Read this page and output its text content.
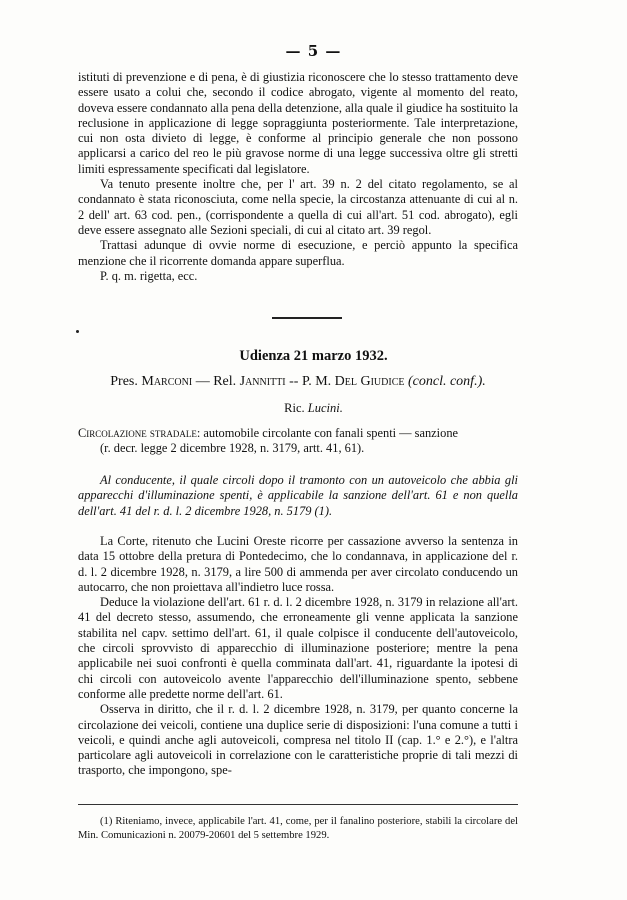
— 5 —

istituti di prevenzione e di pena, è di giustizia riconoscere che lo stesso trattamento deve essere usato a colui che, secondo il codice abrogato, vigente al momento del reato, doveva essere condannato alla pena della detenzione, alla quale il giudice ha sostituito la reclusione in applicazione di legge sopraggiunta posteriormente. Tale interpretazione, cui non osta divieto di legge, è conforme al principio generale che non possono applicarsi a carico del reo le più gravose norme di una legge successiva oltre gli stretti limiti espressamente specificati dal legislatore.

Va tenuto presente inoltre che, per l' art. 39 n. 2 del citato regolamento, se al condannato è stata riconosciuta, come nella specie, la circostanza attenuante di cui al n. 2 dell' art. 63 cod. pen., (corrispondente a quella di cui all'art. 51 cod. abrogato), egli deve essere assegnato alle Sezioni speciali, di cui al citato art. 39 regol.

Trattasi adunque di ovvie norme di esecuzione, e perciò appunto la specifica menzione che il ricorrente domanda appare superflua.

P. q. m. rigetta, ecc.

Udienza 21 marzo 1932.
Pres. Marconi — Rel. Jannitti -- P. M. Del Giudice (concl. conf.).
Ric. Lucini.
Circolazione stradale: automobile circolante con fanali spenti — sanzione
(r. decr. legge 2 dicembre 1928, n. 3179, artt. 41, 61).
Al conducente, il quale circoli dopo il tramonto con un autoveicolo che abbia gli apparecchi d'illuminazione spenti, è applicabile la sanzione dell'art. 61 e non quella dell'art. 41 del r. d. l. 2 dicembre 1928, n. 5179 (1).

La Corte, ritenuto che Lucini Oreste ricorre per cassazione avverso la sentenza in data 15 ottobre della pretura di Pontedecimo, che lo condannava, in applicazione del r. d. l. 2 dicembre 1928, n. 3179, a lire 500 di ammenda per aver circolato conducendo un autocarro, che non proiettava all'indietro luce rossa.

Deduce la violazione dell'art. 61 r. d. l. 2 dicembre 1928, n. 3179 in relazione all'art. 41 del decreto stesso, assumendo, che erroneamente gli venne applicata la sanzione stabilita nel capv. settimo dell'art. 61, il quale colpisce il conducente dell'autoveicolo, che circoli sprovvisto di apparecchio di illuminazione posteriore; mentre la pena applicabile nei suoi confronti è quella comminata dall'art. 41, riguardante la ipotesi di chi circoli con autoveicolo avente l'apparecchio dell'illuminazione spento, sebbene conforme alle predette norme dell'art. 61.

Osserva in diritto, che il r. d. l. 2 dicembre 1928, n. 3179, per quanto concerne la circolazione dei veicoli, contiene una duplice serie di disposizioni: l'una comune a tutti i veicoli, e quindi anche agli autoveicoli, compresa nel titolo II (cap. 1.° e 2.°), e l'altra particolare agli autoveicoli in correlazione con le caratteristiche proprie di tali mezzi di trasporto, che impongono, spe-

(1) Riteniamo, invece, applicabile l'art. 41, come, per il fanalino posteriore, stabili la circolare del Min. Comunicazioni n. 20079-20601 del 5 settembre 1929.
